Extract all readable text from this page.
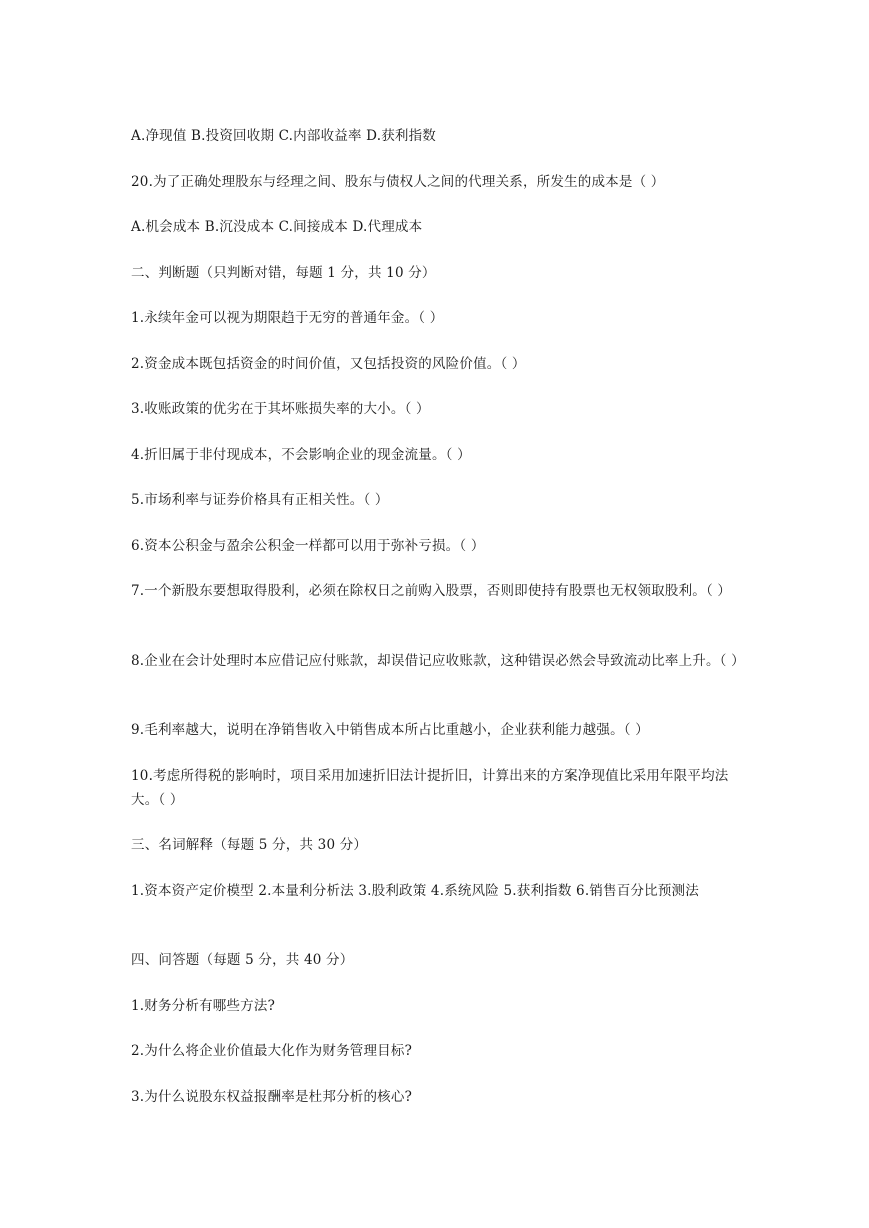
A.净现值 B.投资回收期 C.内部收益率 D.获利指数

20.为了正确处理股东与经理之间、股东与债权人之间的代理关系，所发生的成本是（ ）

A.机会成本 B.沉没成本 C.间接成本 D.代理成本

二、判断题（只判断对错，每题 1 分，共 10 分）

1.永续年金可以视为期限趋于无穷的普通年金。（ ）

2.资金成本既包括资金的时间价值，又包括投资的风险价值。（ ）

3.收账政策的优劣在于其坏账损失率的大小。（ ）

4.折旧属于非付现成本，不会影响企业的现金流量。（ ）

5.市场利率与证券价格具有正相关性。（ ）

6.资本公积金与盈余公积金一样都可以用于弥补亏损。（ ）

7.一个新股东要想取得股利，必须在除权日之前购入股票，否则即使持有股票也无权领取股利。（ ）

8.企业在会计处理时本应借记应付账款，却误借记应收账款，这种错误必然会导致流动比率上升。（ ）

9.毛利率越大，说明在净销售收入中销售成本所占比重越小，企业获利能力越强。（ ）

10.考虑所得税的影响时，项目采用加速折旧法计提折旧，计算出来的方案净现值比采用年限平均法大。（ ）

三、名词解释（每题 5 分，共 30 分）

1.资本资产定价模型 2.本量利分析法 3.股利政策 4.系统风险 5.获利指数 6.销售百分比预测法

四、问答题（每题 5 分，共 40 分）

1.财务分析有哪些方法?

2.为什么将企业价值最大化作为财务管理目标?

3.为什么说股东权益报酬率是杜邦分析的核心?
